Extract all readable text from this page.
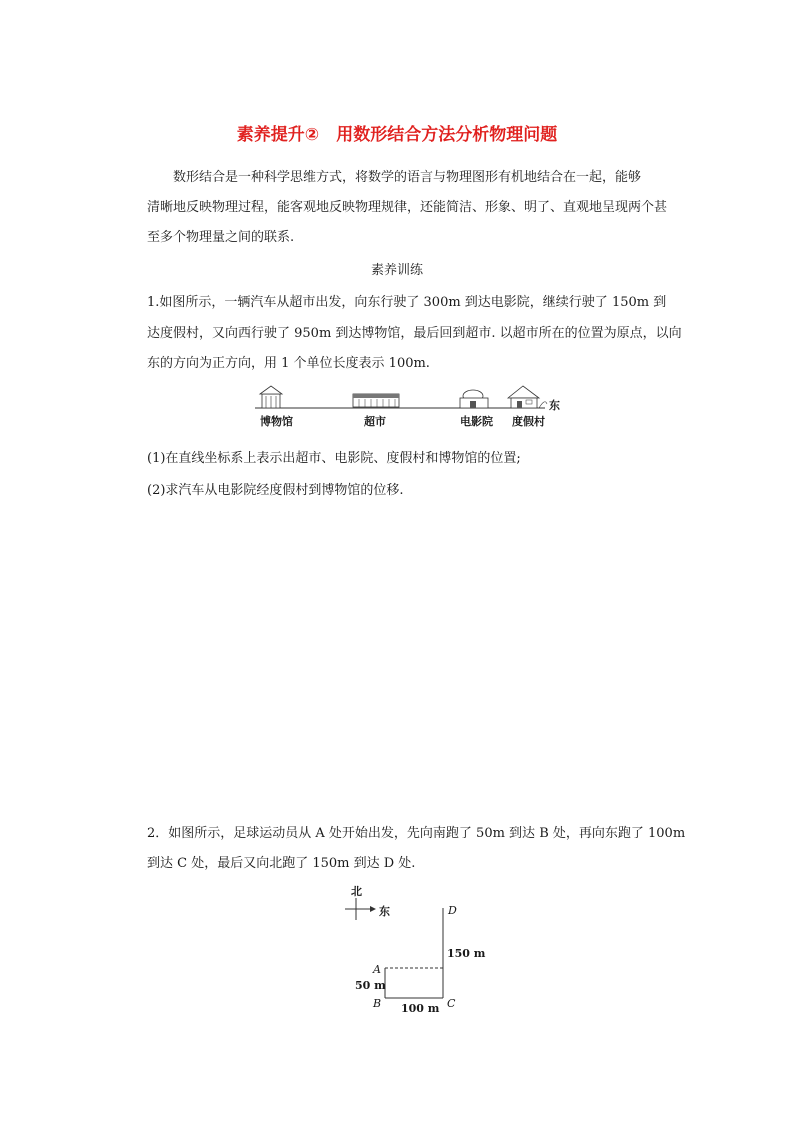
素养提升②　用数形结合方法分析物理问题
数形结合是一种科学思维方式，将数学的语言与物理图形有机地结合在一起，能够
清晰地反映物理过程，能客观地反映物理规律，还能简洁、形象、明了、直观地呈现两个甚
至多个物理量之间的联系.
素养训练
1.如图所示，一辆汽车从超市出发，向东行驶了 300m 到达电影院，继续行驶了 150m 到
达度假村，又向西行驶了 950m 到达博物馆，最后回到超市. 以超市所在的位置为原点，以向
东的方向为正方向，用 1 个单位长度表示 100m.
博物馆	超市	电影院 度假村
东
(1)在直线坐标系上表示出超市、电影院、度假村和博物馆的位置;
(2)求汽车从电影院经度假村到博物馆的位移.
2．如图所示，足球运动员从 A 处开始出发，先向南跑了 50m 到达 B 处，再向东跑了 100m
到达 C 处，最后又向北跑了 150m 到达 D 处.
北
东	D
150 m
A
50 m
B	C
100 m
